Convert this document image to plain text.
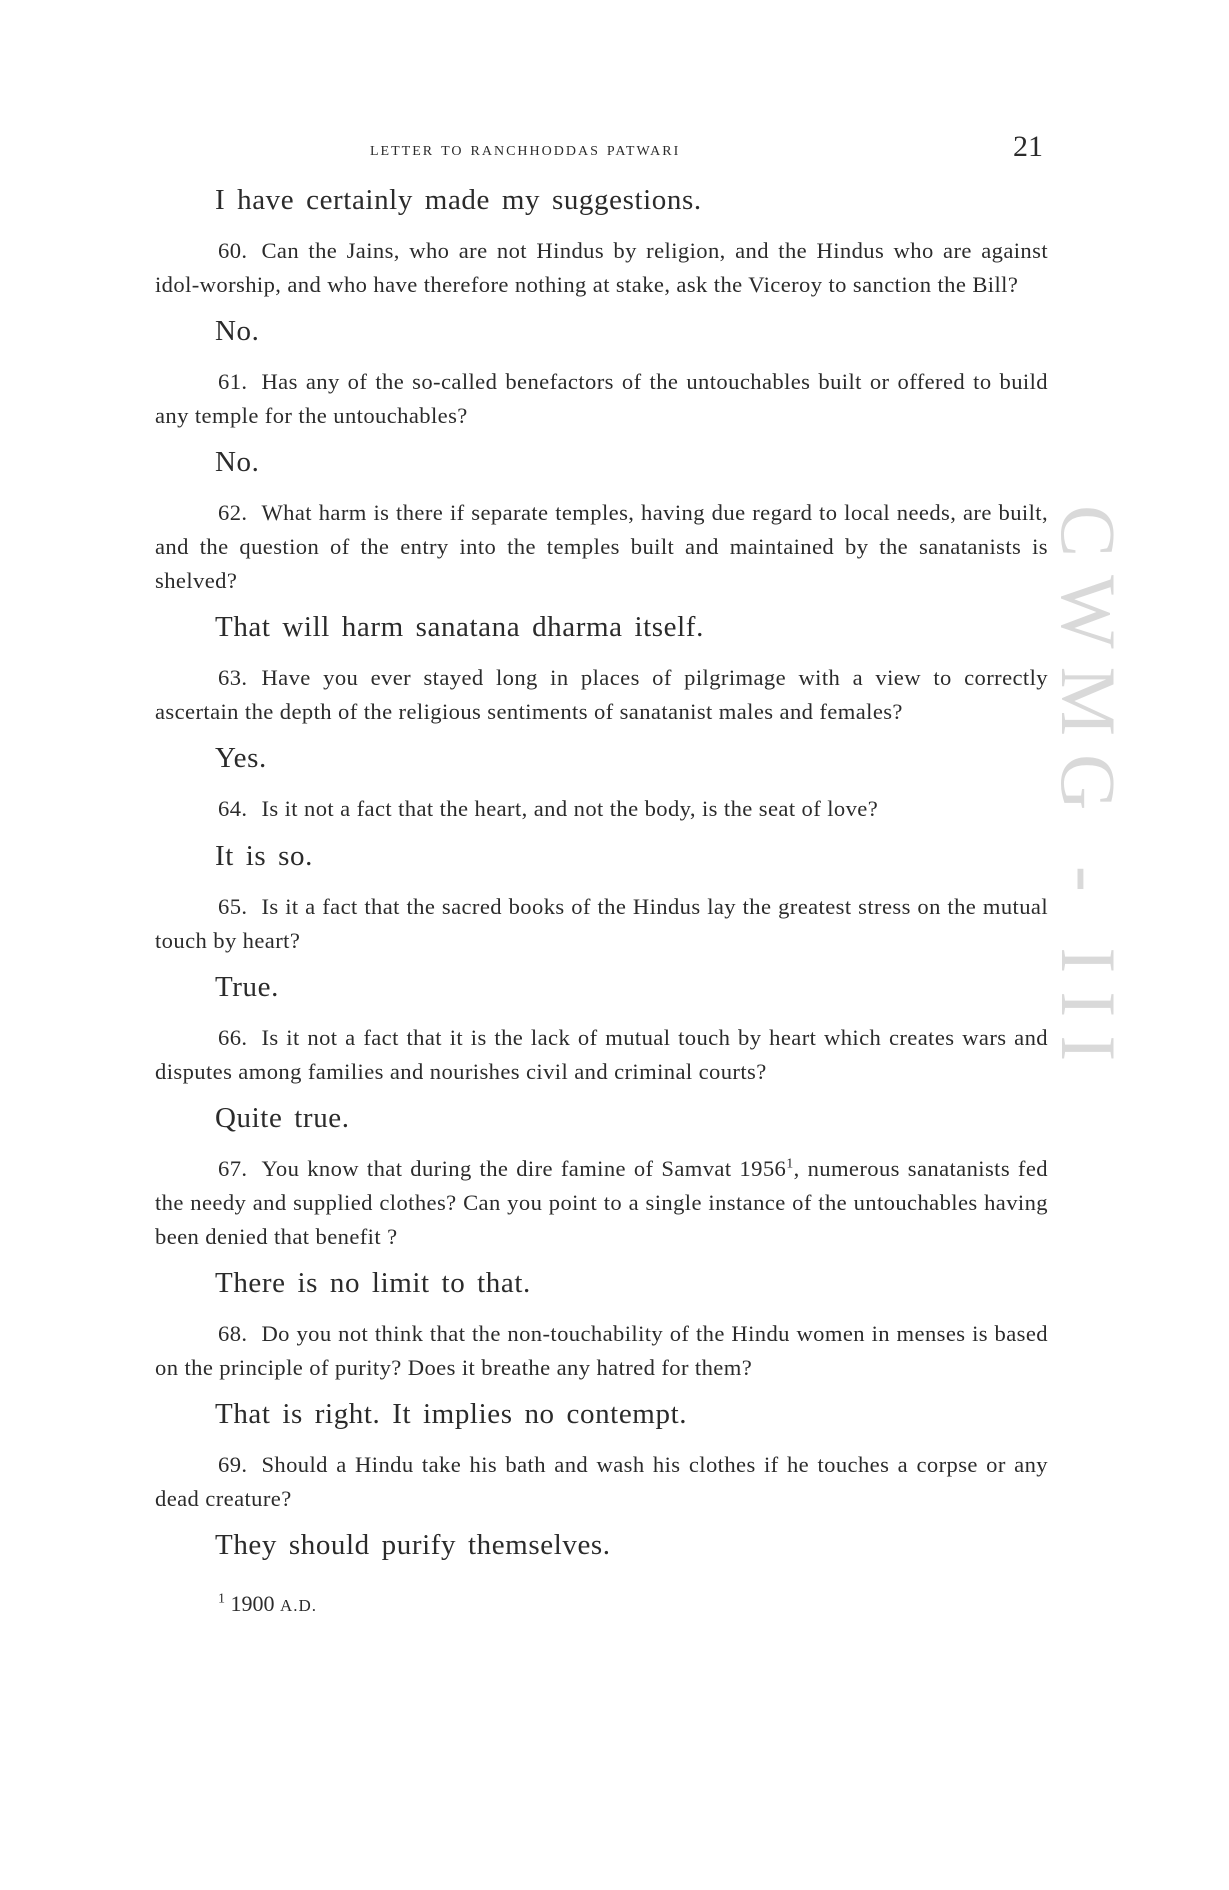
CWMG - III
letter to ranchhoddas patwari	21

I have certainly made my suggestions.

60. Can the Jains, who are not Hindus by religion, and the Hindus who are against idol-worship, and who have therefore nothing at stake, ask the Viceroy to sanction the Bill?

No.

61. Has any of the so-called benefactors of the untouchables built or offered to build any temple for the untouchables?

No.

62. What harm is there if separate temples, having due regard to local needs, are built, and the question of the entry into the temples built and maintained by the sanatanists is shelved?

That will harm sanatana dharma itself.

63. Have you ever stayed long in places of pilgrimage with a view to correctly ascertain the depth of the religious sentiments of sanatanist males and females?

Yes.

64. Is it not a fact that the heart, and not the body, is the seat of love?

It is so.

65. Is it a fact that the sacred books of the Hindus lay the greatest stress on the mutual touch by heart?

True.

66. Is it not a fact that it is the lack of mutual touch by heart which creates wars and disputes among families and nourishes civil and criminal courts?

Quite true.

67. You know that during the dire famine of Samvat 1956$^1$, numerous sanatanists fed the needy and supplied clothes? Can you point to a single instance of the untouchables having been denied that benefit ?

There is no limit to that.

68. Do you not think that the non-touchability of the Hindu women in menses is based on the principle of purity? Does it breathe any hatred for them?

That is right. It implies no contempt.

69. Should a Hindu take his bath and wash his clothes if he touches a corpse or any dead creature?

They should purify themselves.

$^1$ 1900 A.D.
